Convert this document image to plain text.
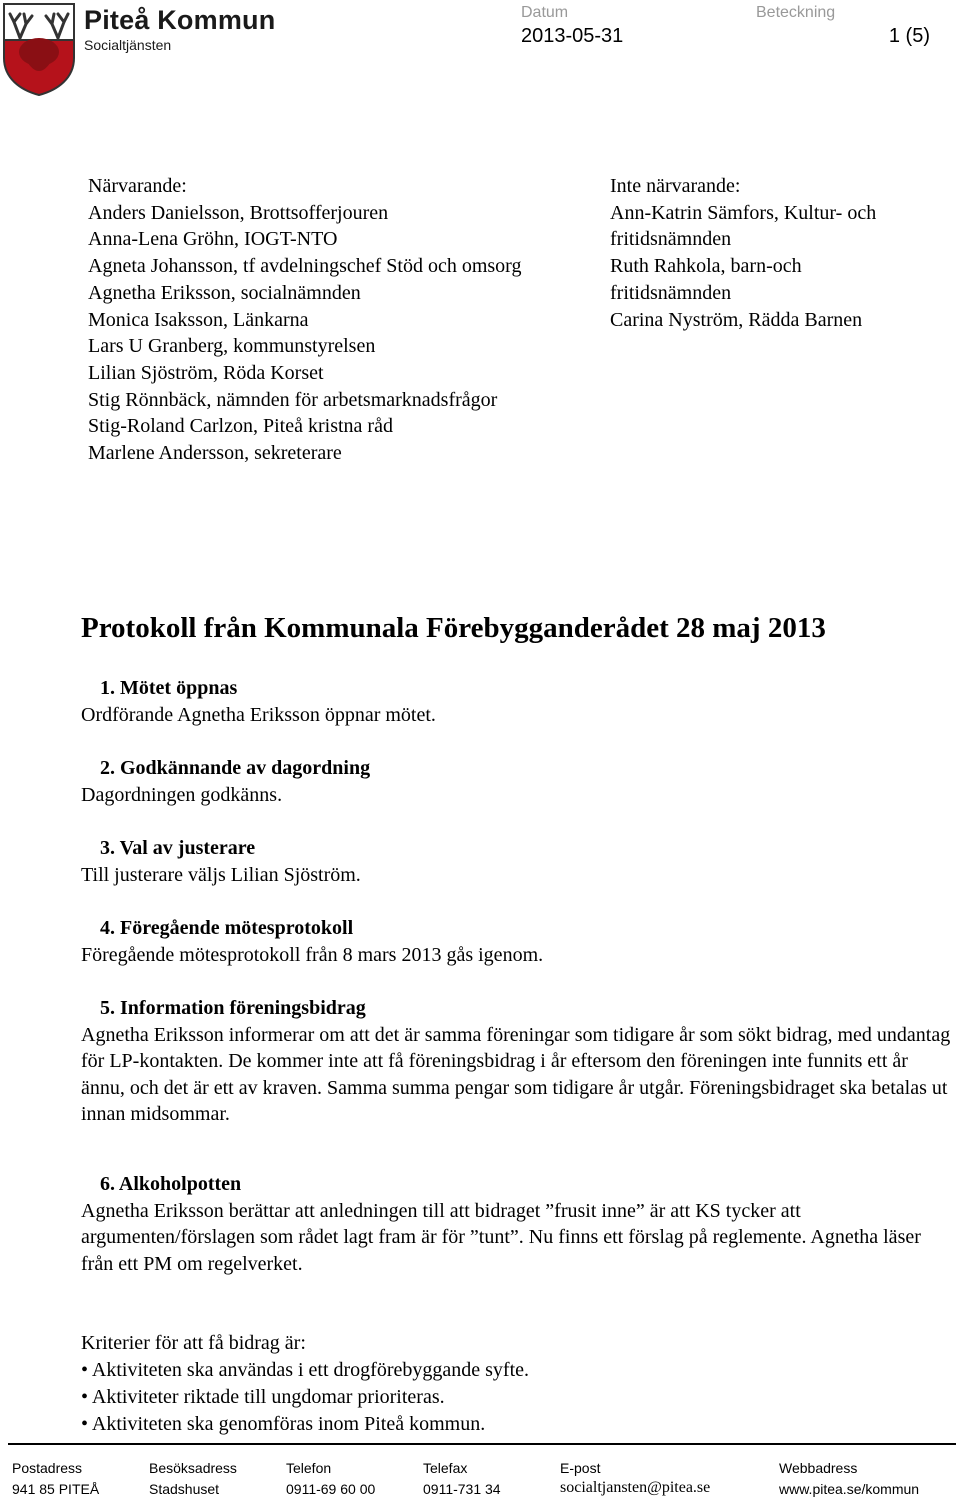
Piteå Kommun
Socialtjänsten
Datum
2013-05-31
Beteckning
1 (5)
Närvarande:
Anders Danielsson, Brottsofferjouren
Anna-Lena Gröhn, IOGT-NTO
Agneta Johansson, tf avdelningschef Stöd och omsorg
Agnetha Eriksson, socialnämnden
Monica Isaksson, Länkarna
Lars U Granberg, kommunstyrelsen
Lilian Sjöström, Röda Korset
Stig Rönnbäck, nämnden för arbetsmarknadsfrågor
Stig-Roland Carlzon, Piteå kristna råd
Marlene Andersson, sekreterare
Inte närvarande:
Ann-Katrin Sämfors, Kultur- och
fritidsnämnden
Ruth Rahkola, barn-och
fritidsnämnden
Carina Nyström, Rädda Barnen
Protokoll från Kommunala Förebygganderådet 28 maj 2013
1. Mötet öppnas
Ordförande Agnetha Eriksson öppnar mötet.
2. Godkännande av dagordning
Dagordningen godkänns.
3. Val av justerare
Till justerare väljs Lilian Sjöström.
4. Föregående mötesprotokoll
Föregående mötesprotokoll från 8 mars 2013 gås igenom.
5. Information föreningsbidrag
Agnetha Eriksson informerar om att det är samma föreningar som tidigare år som sökt bidrag, med undantag för LP-kontakten. De kommer inte att få föreningsbidrag i år eftersom den föreningen inte funnits ett år ännu, och det är ett av kraven. Samma summa pengar som tidigare år utgår. Föreningsbidraget ska betalas ut innan midsommar.
6. Alkoholpotten
Agnetha Eriksson berättar att anledningen till att bidraget ”frusit inne” är att KS tycker att argumenten/förslagen som rådet lagt fram är för ”tunt”. Nu finns ett förslag på reglemente. Agnetha läser från ett PM om regelverket.
Kriterier för att få bidrag är:
• Aktiviteten ska användas i ett drogförebyggande syfte.
• Aktiviteter riktade till ungdomar prioriteras.
• Aktiviteten ska genomföras inom Piteå kommun.
Postadress
941 85 PITEÅ
Besöksadress
Stadshuset
Telefon
0911-69 60 00
Telefax
0911-731 34
E-post
socialtjansten@pitea.se
Webbadress
www.pitea.se/kommun
